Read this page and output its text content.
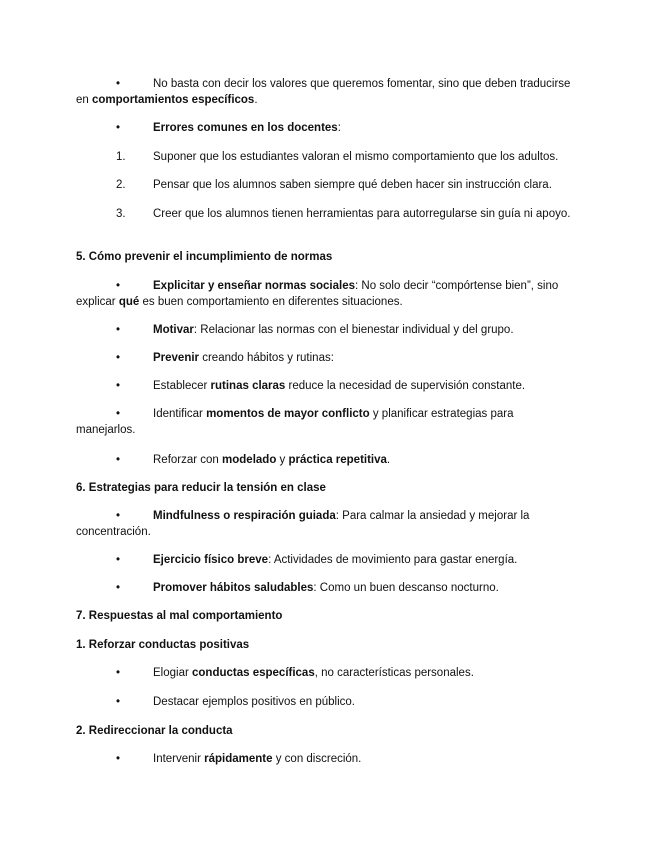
•	No basta con decir los valores que queremos fomentar, sino que deben traducirse en comportamientos específicos.

•	Errores comunes en los docentes:

1. Suponer que los estudiantes valoran el mismo comportamiento que los adultos.

2. Pensar que los alumnos saben siempre qué deben hacer sin instrucción clara.

3. Creer que los alumnos tienen herramientas para autorregularse sin guía ni apoyo.

5. Cómo prevenir el incumplimiento de normas

•	Explicitar y enseñar normas sociales: No solo decir “compórtense bien”, sino explicar qué es buen comportamiento en diferentes situaciones.

•	Motivar: Relacionar las normas con el bienestar individual y del grupo.

•	Prevenir creando hábitos y rutinas:

•	Establecer rutinas claras reduce la necesidad de supervisión constante.

•	Identificar momentos de mayor conflicto y planificar estrategias para manejarlos.

•	Reforzar con modelado y práctica repetitiva.

6. Estrategias para reducir la tensión en clase

•	Mindfulness o respiración guiada: Para calmar la ansiedad y mejorar la concentración.

•	Ejercicio físico breve: Actividades de movimiento para gastar energía.

•	Promover hábitos saludables: Como un buen descanso nocturno.

7. Respuestas al mal comportamiento

1. Reforzar conductas positivas

•	Elogiar conductas específicas, no características personales.

•	Destacar ejemplos positivos en público.

2. Redireccionar la conducta

•	Intervenir rápidamente y con discreción.
